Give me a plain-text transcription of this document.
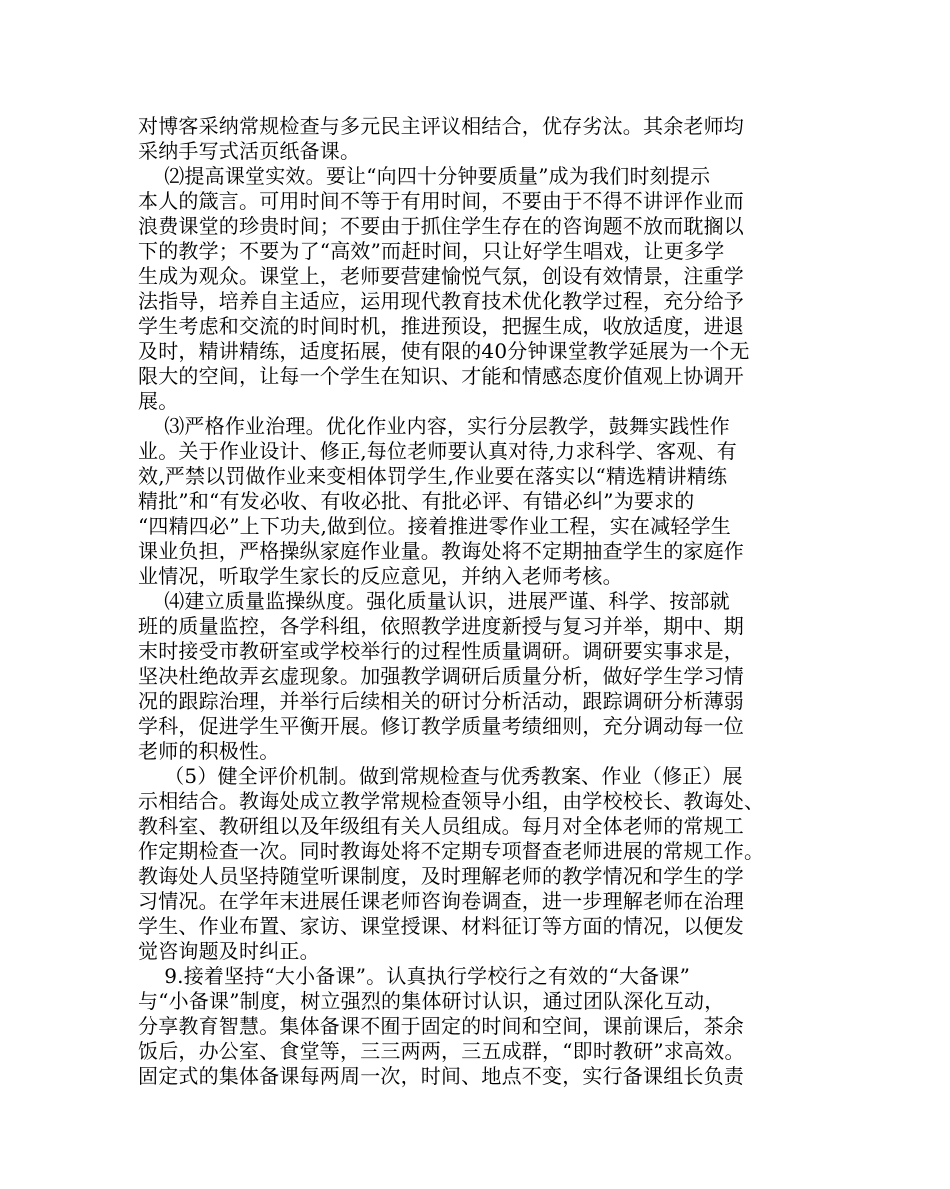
对博客采纳常规检查与多元民主评议相结合，优存劣汰。其余老师均
采纳手写式活页纸备课。
⑵提高课堂实效。要让“向四十分钟要质量”成为我们时刻提示
本人的箴言。可用时间不等于有用时间，不要由于不得不讲评作业而
浪费课堂的珍贵时间；不要由于抓住学生存在的咨询题不放而耽搁以
下的教学；不要为了“高效”而赶时间，只让好学生唱戏，让更多学
生成为观众。课堂上，老师要营建愉悦气氛，创设有效情景，注重学
法指导，培养自主适应，运用现代教育技术优化教学过程，充分给予
学生考虑和交流的时间时机，推进预设，把握生成，收放适度，进退
及时，精讲精练，适度拓展，使有限的40分钟课堂教学延展为一个无
限大的空间，让每一个学生在知识、才能和情感态度价值观上协调开
展。
⑶严格作业治理。优化作业内容，实行分层教学，鼓舞实践性作
业。关于作业设计、修正,每位老师要认真对待,力求科学、客观、有
效,严禁以罚做作业来变相体罚学生,作业要在落实以“精选精讲精练
精批”和“有发必收、有收必批、有批必评、有错必纠”为要求的
“四精四必”上下功夫,做到位。接着推进零作业工程，实在减轻学生
课业负担，严格操纵家庭作业量。教诲处将不定期抽查学生的家庭作
业情况，听取学生家长的反应意见，并纳入老师考核。
⑷建立质量监操纵度。强化质量认识，进展严谨、科学、按部就
班的质量监控，各学科组，依照教学进度新授与复习并举，期中、期
末时接受市教研室或学校举行的过程性质量调研。调研要实事求是，
坚决杜绝故弄玄虚现象。加强教学调研后质量分析，做好学生学习情
况的跟踪治理，并举行后续相关的研讨分析活动，跟踪调研分析薄弱
学科，促进学生平衡开展。修订教学质量考绩细则，充分调动每一位
老师的积极性。
（5）健全评价机制。做到常规检查与优秀教案、作业（修正）展
示相结合。教诲处成立教学常规检查领导小组，由学校校长、教诲处、
教科室、教研组以及年级组有关人员组成。每月对全体老师的常规工
作定期检查一次。同时教诲处将不定期专项督查老师进展的常规工作。
教诲处人员坚持随堂听课制度，及时理解老师的教学情况和学生的学
习情况。在学年末进展任课老师咨询卷调查，进一步理解老师在治理
学生、作业布置、家访、课堂授课、材料征订等方面的情况，以便发
觉咨询题及时纠正。
9.接着坚持“大小备课”。认真执行学校行之有效的“大备课”
与“小备课”制度，树立强烈的集体研讨认识，通过团队深化互动，
分享教育智慧。集体备课不囿于固定的时间和空间，课前课后，茶余
饭后，办公室、食堂等，三三两两，三五成群，“即时教研”求高效。
固定式的集体备课每两周一次，时间、地点不变，实行备课组长负责
